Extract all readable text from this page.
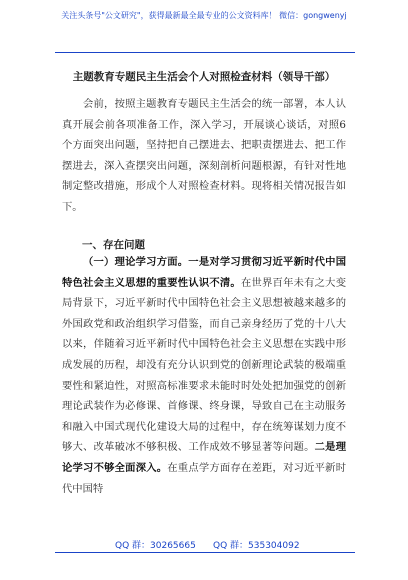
关注头条号"公文研究"，获得最新最全最专业的公文资料库！ 微信：gongwenyj
主题教育专题民主生活会个人对照检查材料（领导干部）
会前，按照主题教育专题民主生活会的统一部署，本人认真开展会前各项准备工作，深入学习，开展谈心谈话，对照6个方面突出问题，坚持把自己摆进去、把职责摆进去、把工作摆进去，深入查摆突出问题，深刻剖析问题根源，有针对性地制定整改措施，形成个人对照检查材料。现将相关情况报告如下。
一、存在问题
（一）理论学习方面。一是对学习贯彻习近平新时代中国特色社会主义思想的重要性认识不清。在世界百年未有之大变局背景下，习近平新时代中国特色社会主义思想被越来越多的外国政党和政治组织学习借鉴，而自己亲身经历了党的十八大以来，伴随着习近平新时代中国特色社会主义思想在实践中形成发展的历程，却没有充分认识到党的创新理论武装的极端重要性和紧迫性，对照高标准要求未能时时处处把加强党的创新理论武装作为必修课、首修课、终身课，导致自己在主动服务和融入中国式现代化建设大局的过程中，存在统筹谋划力度不够大、改革破冰不够积极、工作成效不够显著等问题。二是理论学习不够全面深入。在重点学方面存在差距，对习近平新时代中国特
QQ 群：30265665 QQ 群：535304092
